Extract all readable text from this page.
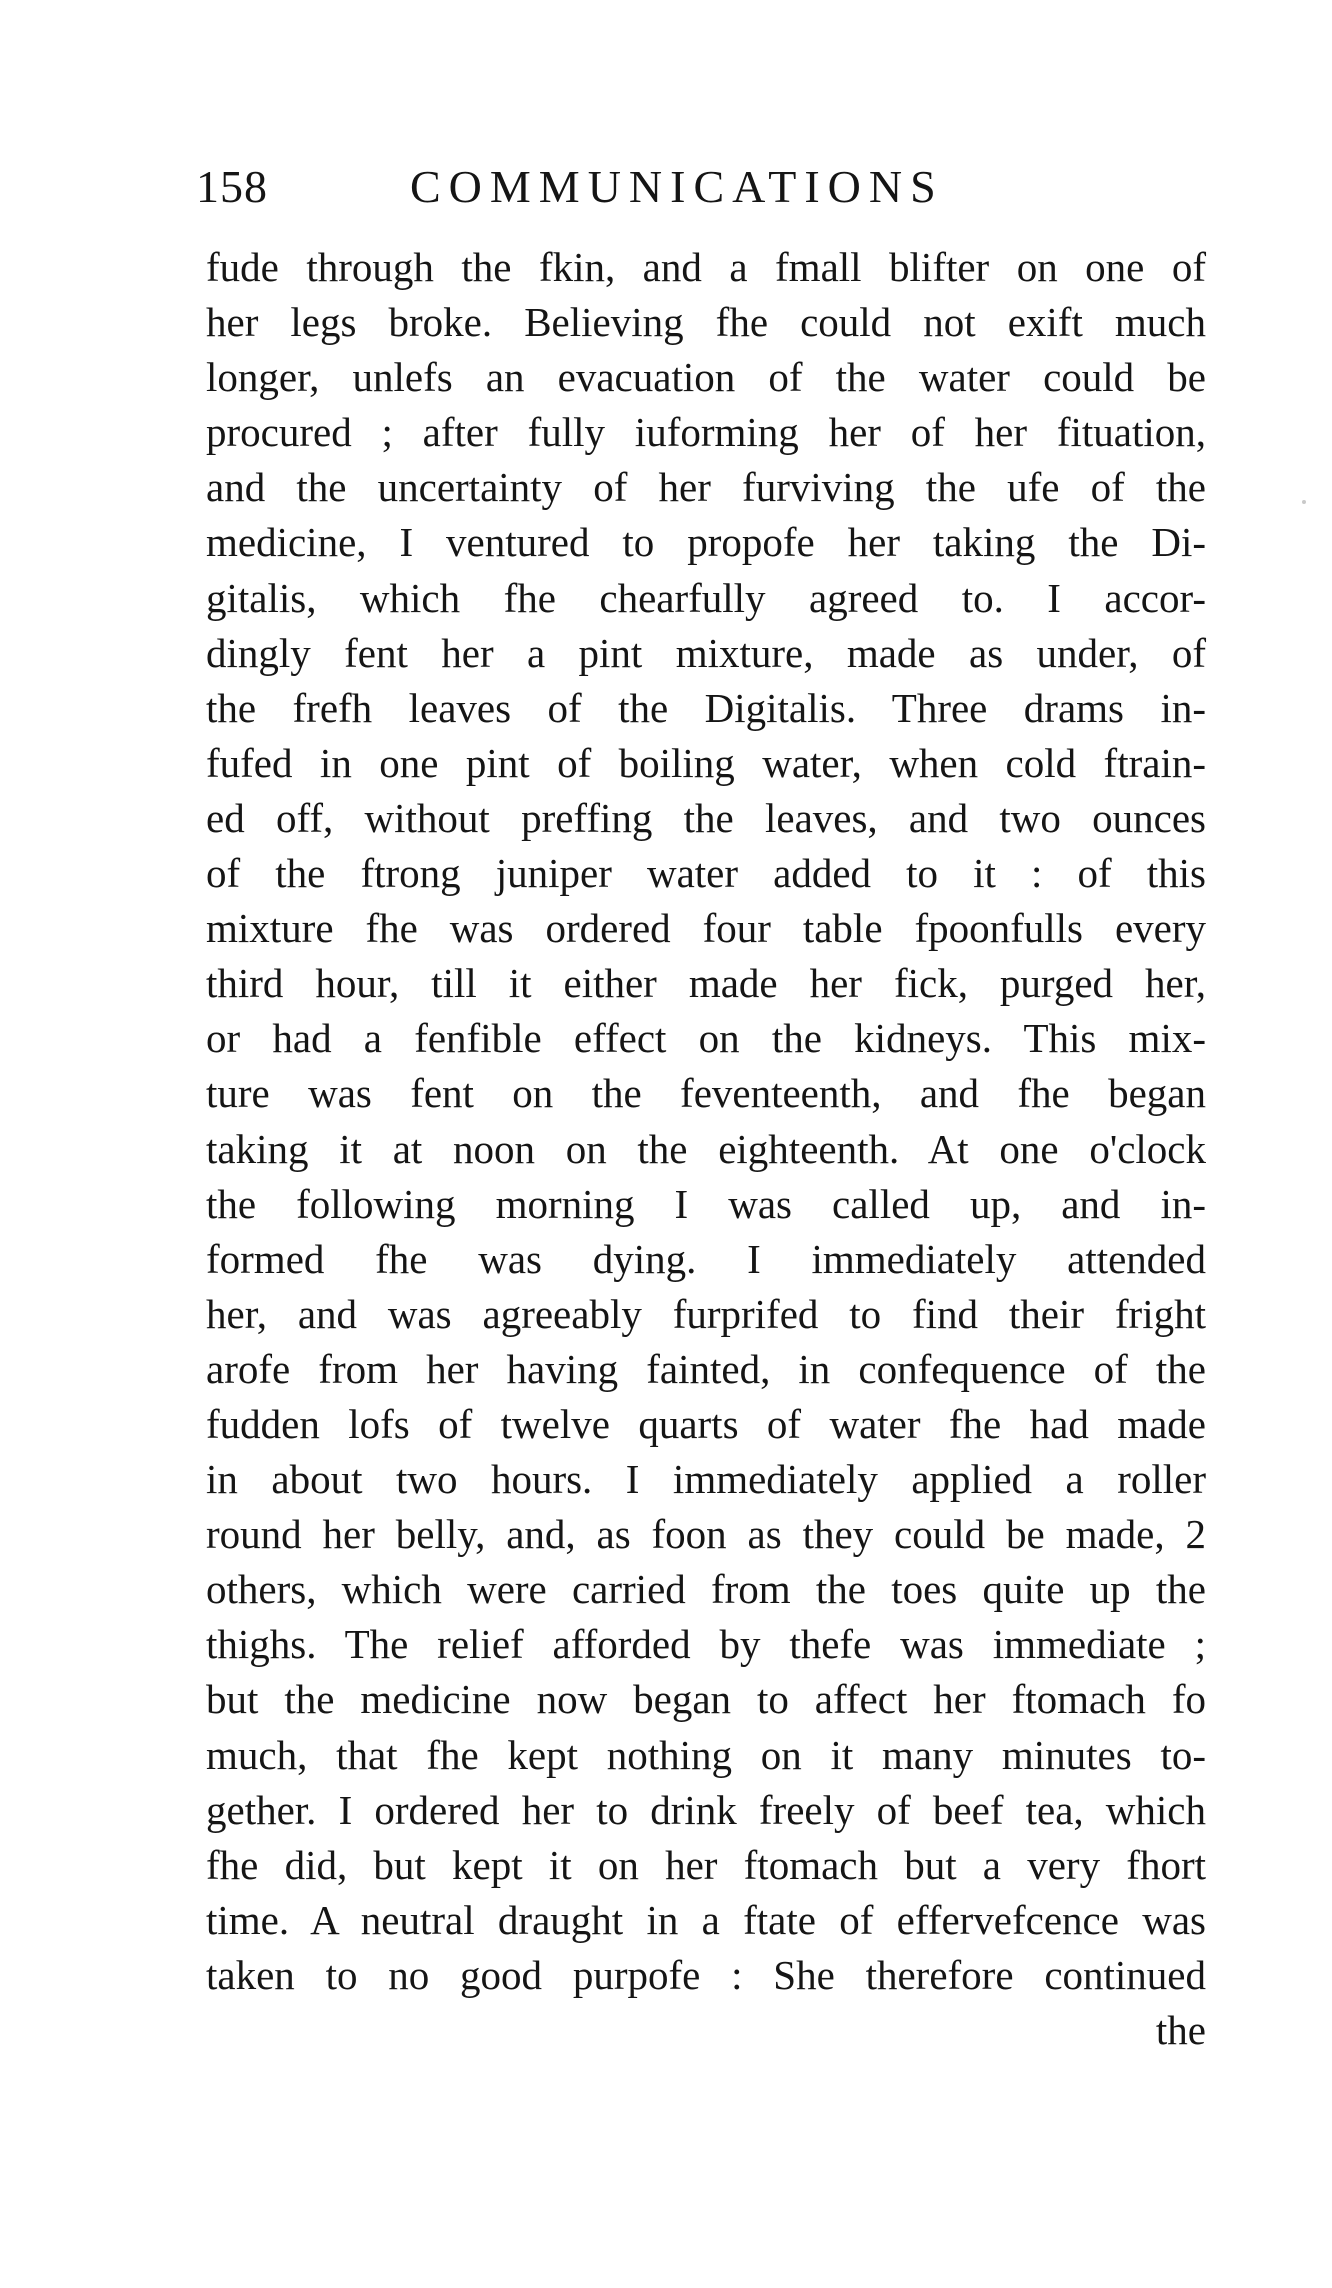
158	COMMUNICATIONS
fude through the fkin, and a fmall blifter on one of
her legs broke. Believing fhe could not exift much
longer, unlefs an evacuation of the water could be
procured ; after fully iuforming her of her fituation,
and the uncertainty of her furviving the ufe of the
medicine, I ventured to propofe her taking the Di-
gitalis, which fhe chearfully agreed to. I accor-
dingly fent her a pint mixture, made as under, of
the frefh leaves of the Digitalis. Three drams in-
fufed in one pint of boiling water, when cold ftrain-
ed off, without preffing the leaves, and two ounces
of the ftrong juniper water added to it : of this
mixture fhe was ordered four table fpoonfulls every
third hour, till it either made her fick, purged her,
or had a fenfible effect on the kidneys. This mix-
ture was fent on the feventeenth, and fhe began
taking it at noon on the eighteenth. At one o'clock
the following morning I was called up, and in-
formed fhe was dying. I immediately attended
her, and was agreeably furprifed to find their fright
arofe from her having fainted, in confequence of the
fudden lofs of twelve quarts of water fhe had made
in about two hours. I immediately applied a roller
round her belly, and, as foon as they could be made, 2
others, which were carried from the toes quite up the
thighs. The relief afforded by thefe was immediate ;
but the medicine now began to affect her ftomach fo
much, that fhe kept nothing on it many minutes to-
gether. I ordered her to drink freely of beef tea, which
fhe did, but kept it on her ftomach but a very fhort
time. A neutral draught in a ftate of effervefcence was
taken to no good purpofe : She therefore continued
the
